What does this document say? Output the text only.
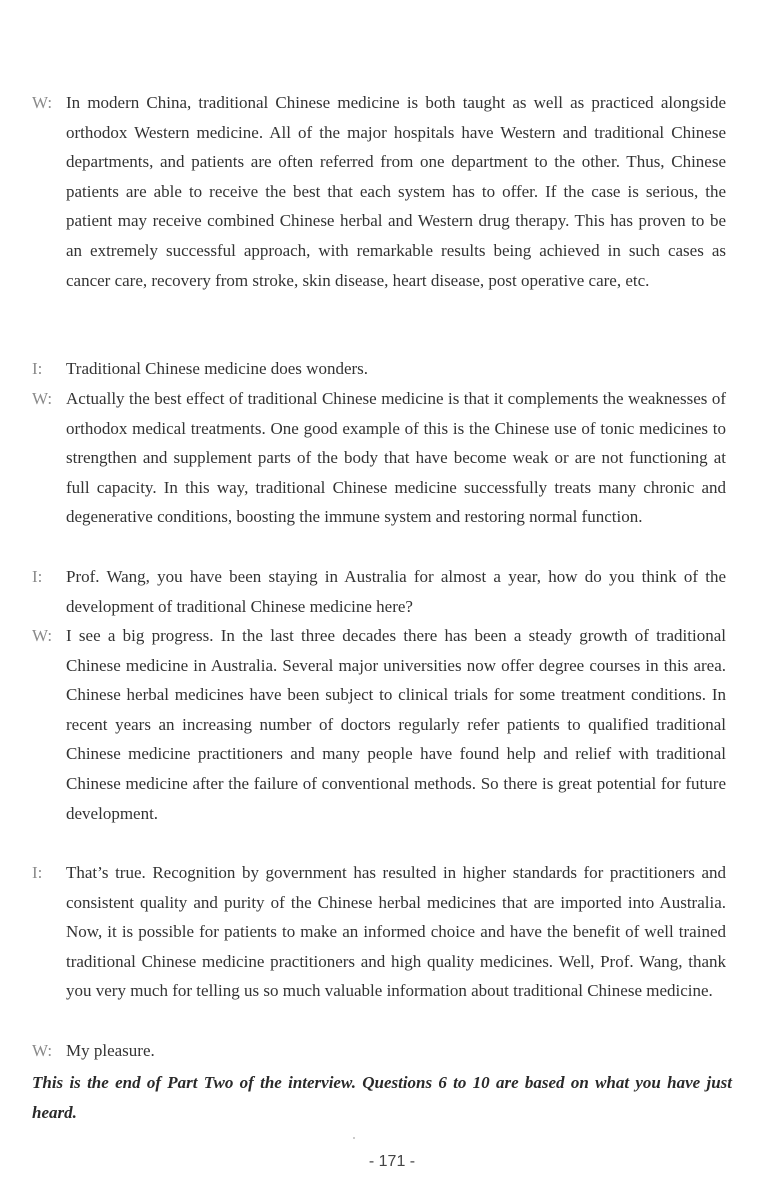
W: In modern China, traditional Chinese medicine is both taught as well as practiced alongside orthodox Western medicine. All of the major hospitals have Western and traditional Chinese departments, and patients are often referred from one department to the other. Thus, Chinese patients are able to receive the best that each system has to offer. If the case is serious, the patient may receive combined Chinese herbal and Western drug therapy. This has proven to be an extremely successful approach, with remarkable results being achieved in such cases as cancer care, recovery from stroke, skin disease, heart disease, post operative care, etc.

I: Traditional Chinese medicine does wonders.

W: Actually the best effect of traditional Chinese medicine is that it complements the weaknesses of orthodox medical treatments. One good example of this is the Chinese use of tonic medicines to strengthen and supplement parts of the body that have become weak or are not functioning at full capacity. In this way, traditional Chinese medicine successfully treats many chronic and degenerative conditions, boosting the immune system and restoring normal function.

I: Prof. Wang, you have been staying in Australia for almost a year, how do you think of the development of traditional Chinese medicine here?

W: I see a big progress. In the last three decades there has been a steady growth of traditional Chinese medicine in Australia. Several major universities now offer degree courses in this area. Chinese herbal medicines have been subject to clinical trials for some treatment conditions. In recent years an increasing number of doctors regularly refer patients to qualified traditional Chinese medicine practitioners and many people have found help and relief with traditional Chinese medicine after the failure of conventional methods. So there is great potential for future development.

I: That’s true. Recognition by government has resulted in higher standards for practitioners and consistent quality and purity of the Chinese herbal medicines that are imported into Australia. Now, it is possible for patients to make an informed choice and have the benefit of well trained traditional Chinese medicine practitioners and high quality medicines. Well, Prof. Wang, thank you very much for telling us so much valuable information about traditional Chinese medicine.

W: My pleasure.

This is the end of Part Two of the interview. Questions 6 to 10 are based on what you have just heard.

- 171 -
